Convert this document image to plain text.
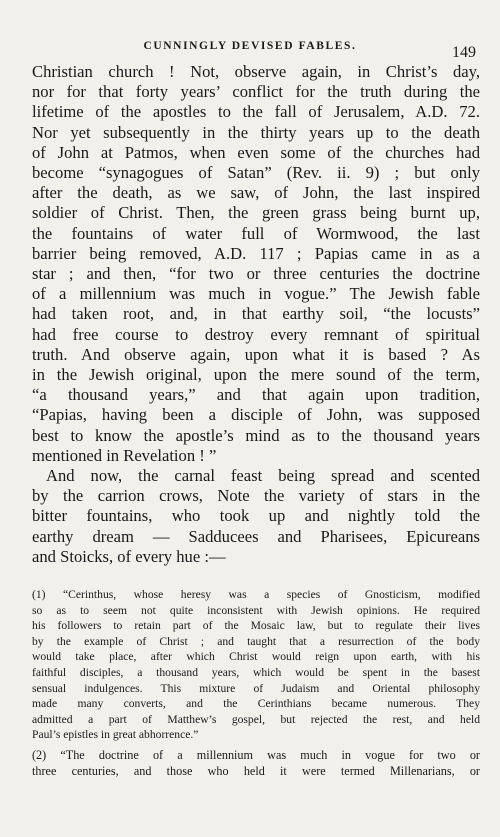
CUNNINGLY DEVISED FABLES.	149

Christian church ! Not, observe again, in Christ’s day,
nor for that forty years’ conflict for the truth during the
lifetime of the apostles to the fall of Jerusalem, A.D. 72.
Nor yet subsequently in the thirty years up to the death
of John at Patmos, when even some of the churches had
become “synagogues of Satan” (Rev. ii. 9) ; but only
after the death, as we saw, of John, the last inspired
soldier of Christ. Then, the green grass being burnt up,
the fountains of water full of Wormwood, the last
barrier being removed, A.D. 117 ; Papias came in as a
star ; and then, “for two or three centuries the doctrine
of a millennium was much in vogue.” The Jewish fable
had taken root, and, in that earthy soil, “the locusts”
had free course to destroy every remnant of spiritual
truth. And observe again, upon what it is based ? As
in the Jewish original, upon the mere sound of the term,
“a thousand years,” and that again upon tradition,
“Papias, having been a disciple of John, was supposed
best to know the apostle’s mind as to the thousand years
mentioned in Revelation ! ”

And now, the carnal feast being spread and scented
by the carrion crows, Note the variety of stars in the
bitter fountains, who took up and nightly told the
earthy dream — Sadducees and Pharisees, Epicureans
and Stoicks, of every hue :—

(1) “Cerinthus, whose heresy was a species of Gnosticism, modified
so as to seem not quite inconsistent with Jewish opinions. He required
his followers to retain part of the Mosaic law, but to regulate their lives
by the example of Christ ; and taught that a resurrection of the body
would take place, after which Christ would reign upon earth, with his
faithful disciples, a thousand years, which would be spent in the basest
sensual indulgences. This mixture of Judaism and Oriental philosophy
made many converts, and the Cerinthians became numerous. They
admitted a part of Matthew’s gospel, but rejected the rest, and held
Paul’s epistles in great abhorrence.”
(2) “The doctrine of a millennium was much in vogue for two or
three centuries, and those who held it were termed Millenarians, or
